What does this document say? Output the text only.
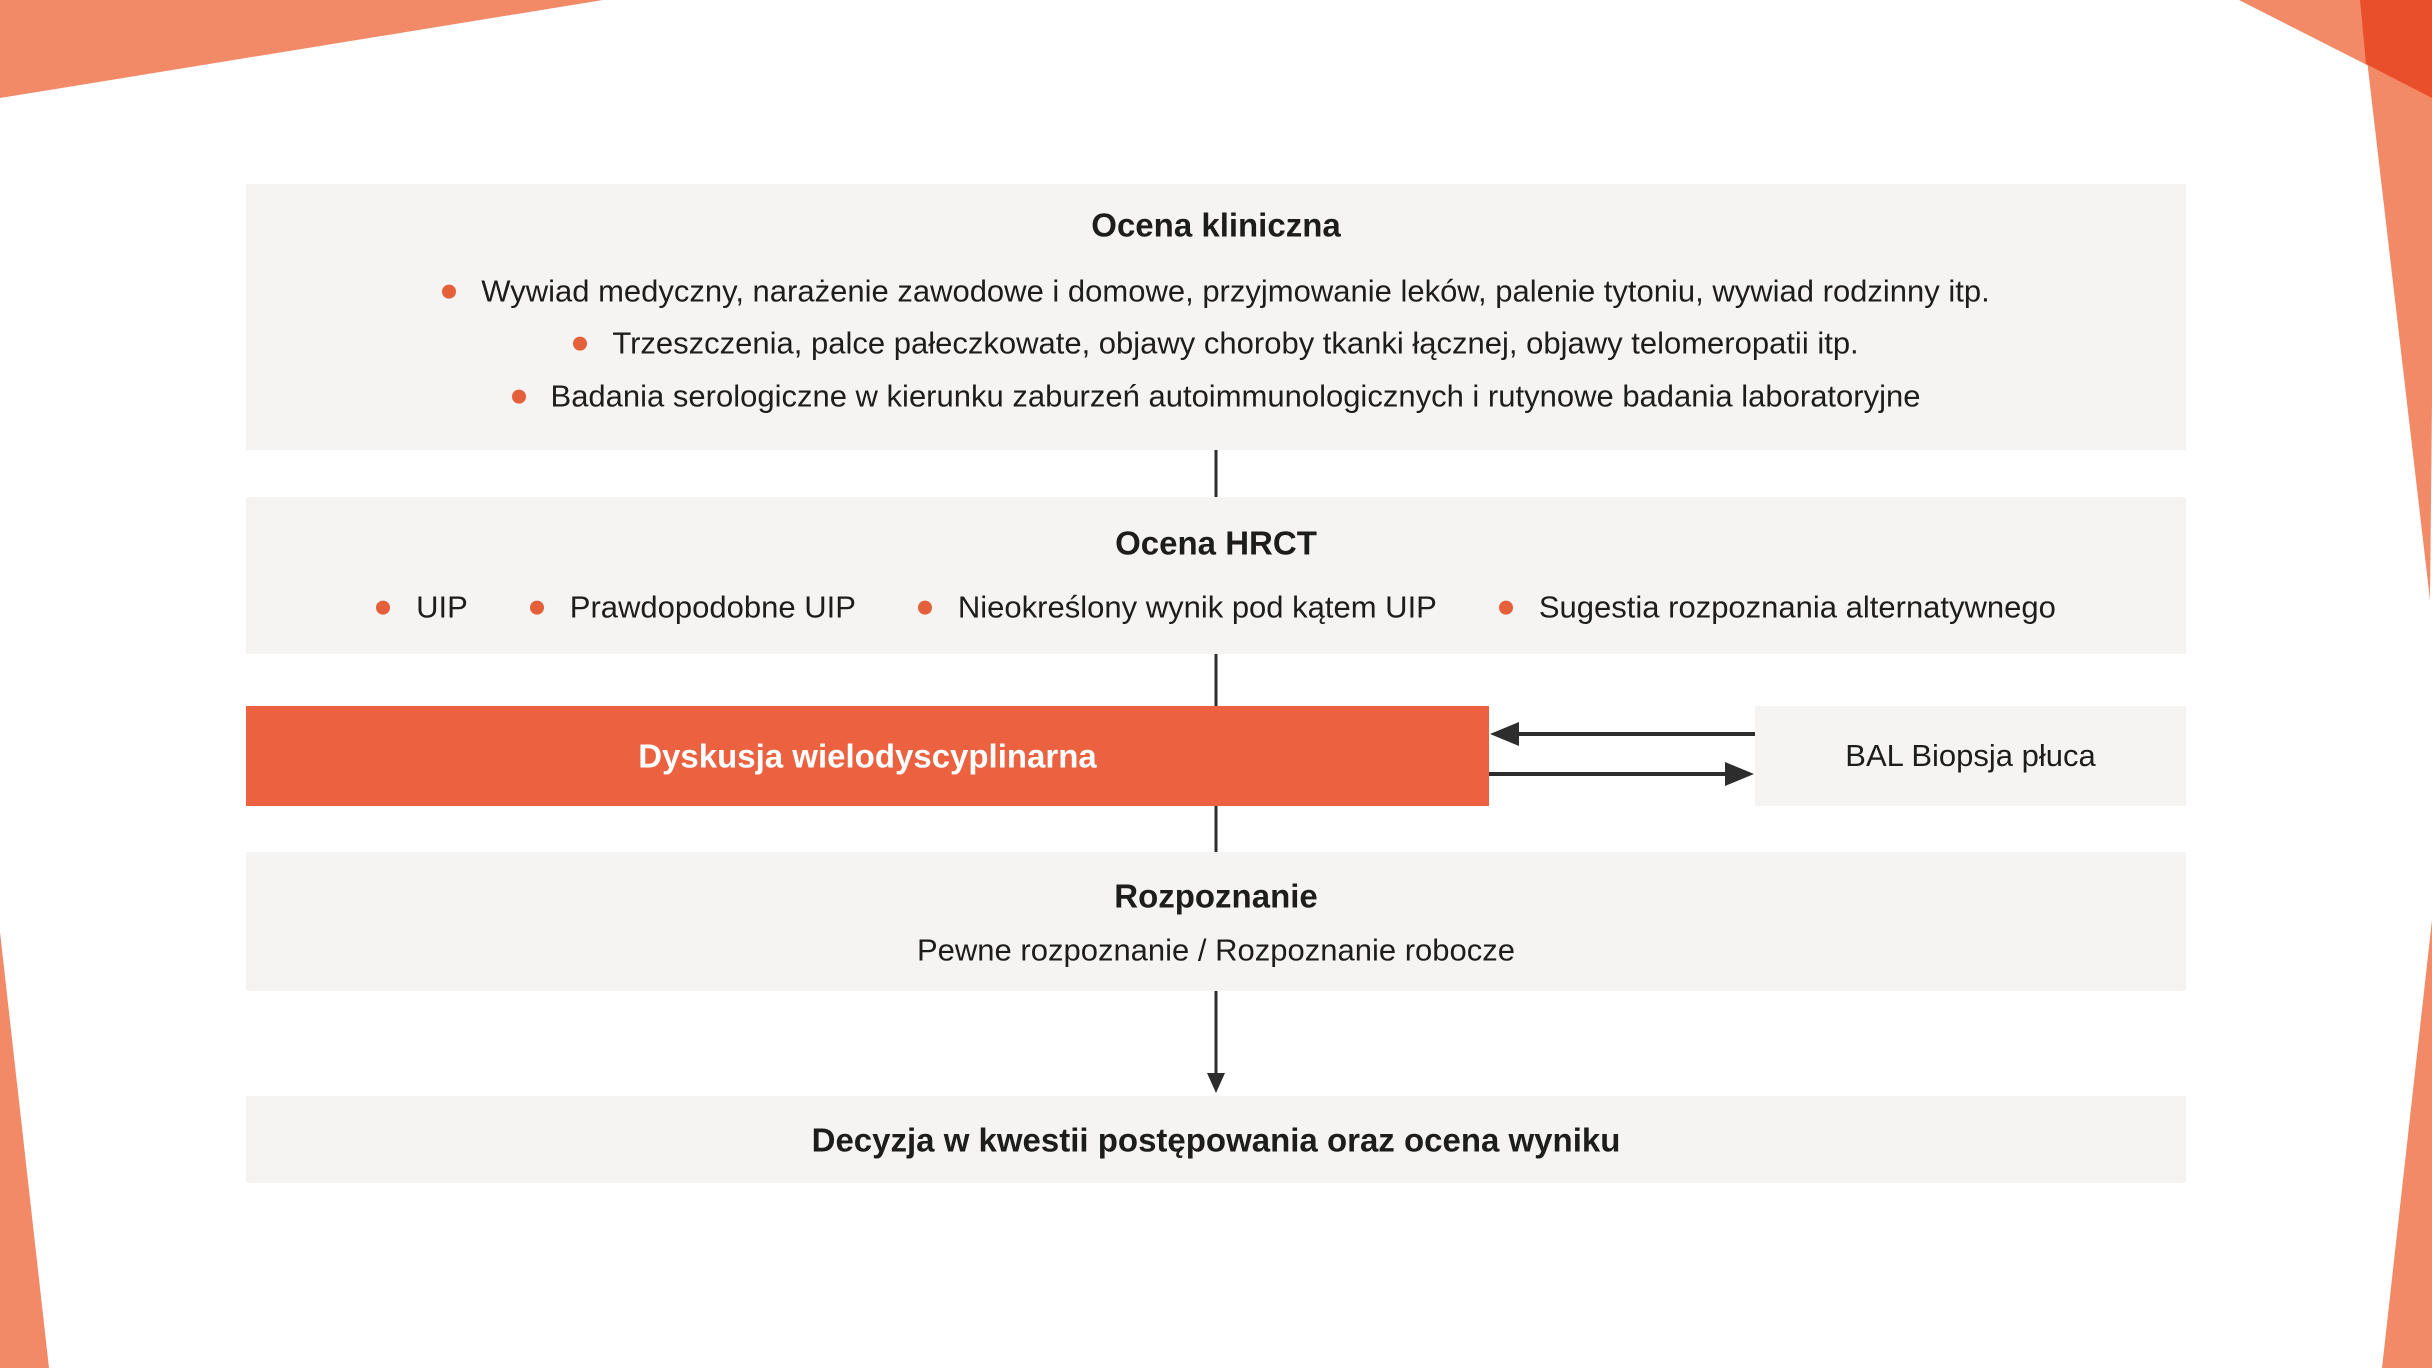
Ocena kliniczna
Wywiad medyczny, narażenie zawodowe i domowe, przyjmowanie leków, palenie tytoniu, wywiad rodzinny itp.
Trzeszczenia, palce pałeczkowate, objawy choroby tkanki łącznej, objawy telomeropatii itp.
Badania serologiczne w kierunku zaburzeń autoimmunologicznych i rutynowe badania laboratoryjne
Ocena HRCT
UIP	Prawdopodobne UIP	Nieokreślony wynik pod kątem UIP	Sugestia rozpoznania alternatywnego
Dyskusja wielodyscyplinarna	BAL Biopsja płuca
Rozpoznanie
Pewne rozpoznanie / Rozpoznanie robocze
Decyzja w kwestii postępowania oraz ocena wyniku
